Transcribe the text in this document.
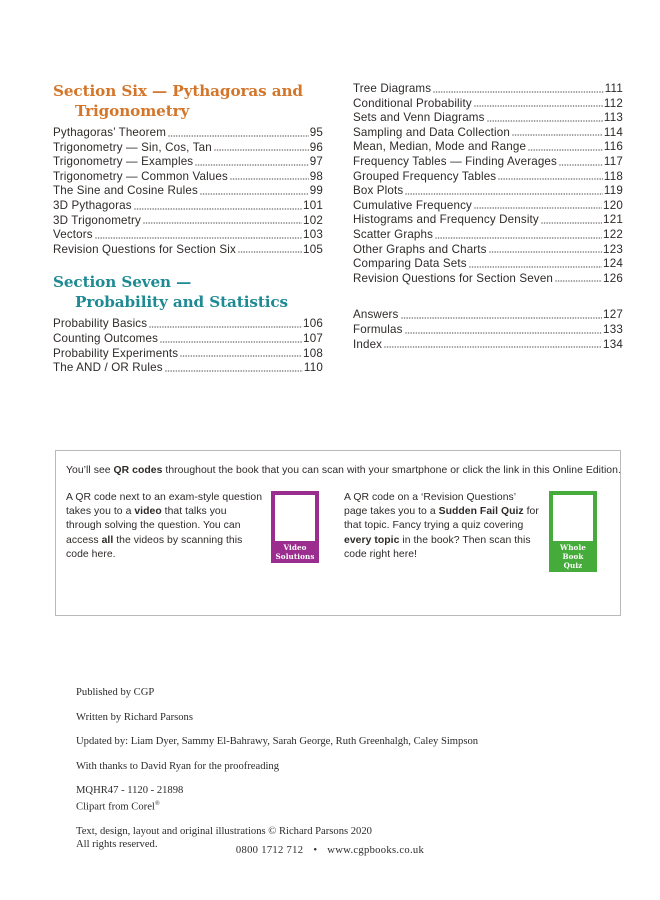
Section Six — Pythagoras and
Trigonometry
Pythagoras’ Theorem	95
Trigonometry — Sin, Cos, Tan	96
Trigonometry — Examples	97
Trigonometry — Common Values	98
The Sine and Cosine Rules	99
3D Pythagoras	101
3D Trigonometry	102
Vectors	103
Revision Questions for Section Six	105
Section Seven —
Probability and Statistics
Probability Basics	106
Counting Outcomes	107
Probability Experiments	108
The AND / OR Rules	110
Tree Diagrams	111
Conditional Probability	112
Sets and Venn Diagrams	113
Sampling and Data Collection	114
Mean, Median, Mode and Range	116
Frequency Tables — Finding Averages	117
Grouped Frequency Tables	118
Box Plots	119
Cumulative Frequency	120
Histograms and Frequency Density	121
Scatter Graphs	122
Other Graphs and Charts	123
Comparing Data Sets	124
Revision Questions for Section Seven	126
Answers	127
Formulas	133
Index	134
You’ll see QR codes throughout the book that you can scan with your smartphone or click the link in this Online Edition.
A QR code next to an exam-style question takes you to a video that talks you through solving the question. You can access all the videos by scanning this code here.
Video
Solutions
A QR code on a ‘Revision Questions’ page takes you to a Sudden Fail Quiz for that topic. Fancy trying a quiz covering every topic in the book? Then scan this code right here!
Whole
Book Quiz
Published by CGP
Written by Richard Parsons
Updated by: Liam Dyer, Sammy El-Bahrawy, Sarah George, Ruth Greenhalgh, Caley Simpson
With thanks to David Ryan for the proofreading
MQHR47 - 1120 - 21898
Clipart from Corel®
Text, design, layout and original illustrations © Richard Parsons 2020
All rights reserved.
0800 1712 712 • www.cgpbooks.co.uk
